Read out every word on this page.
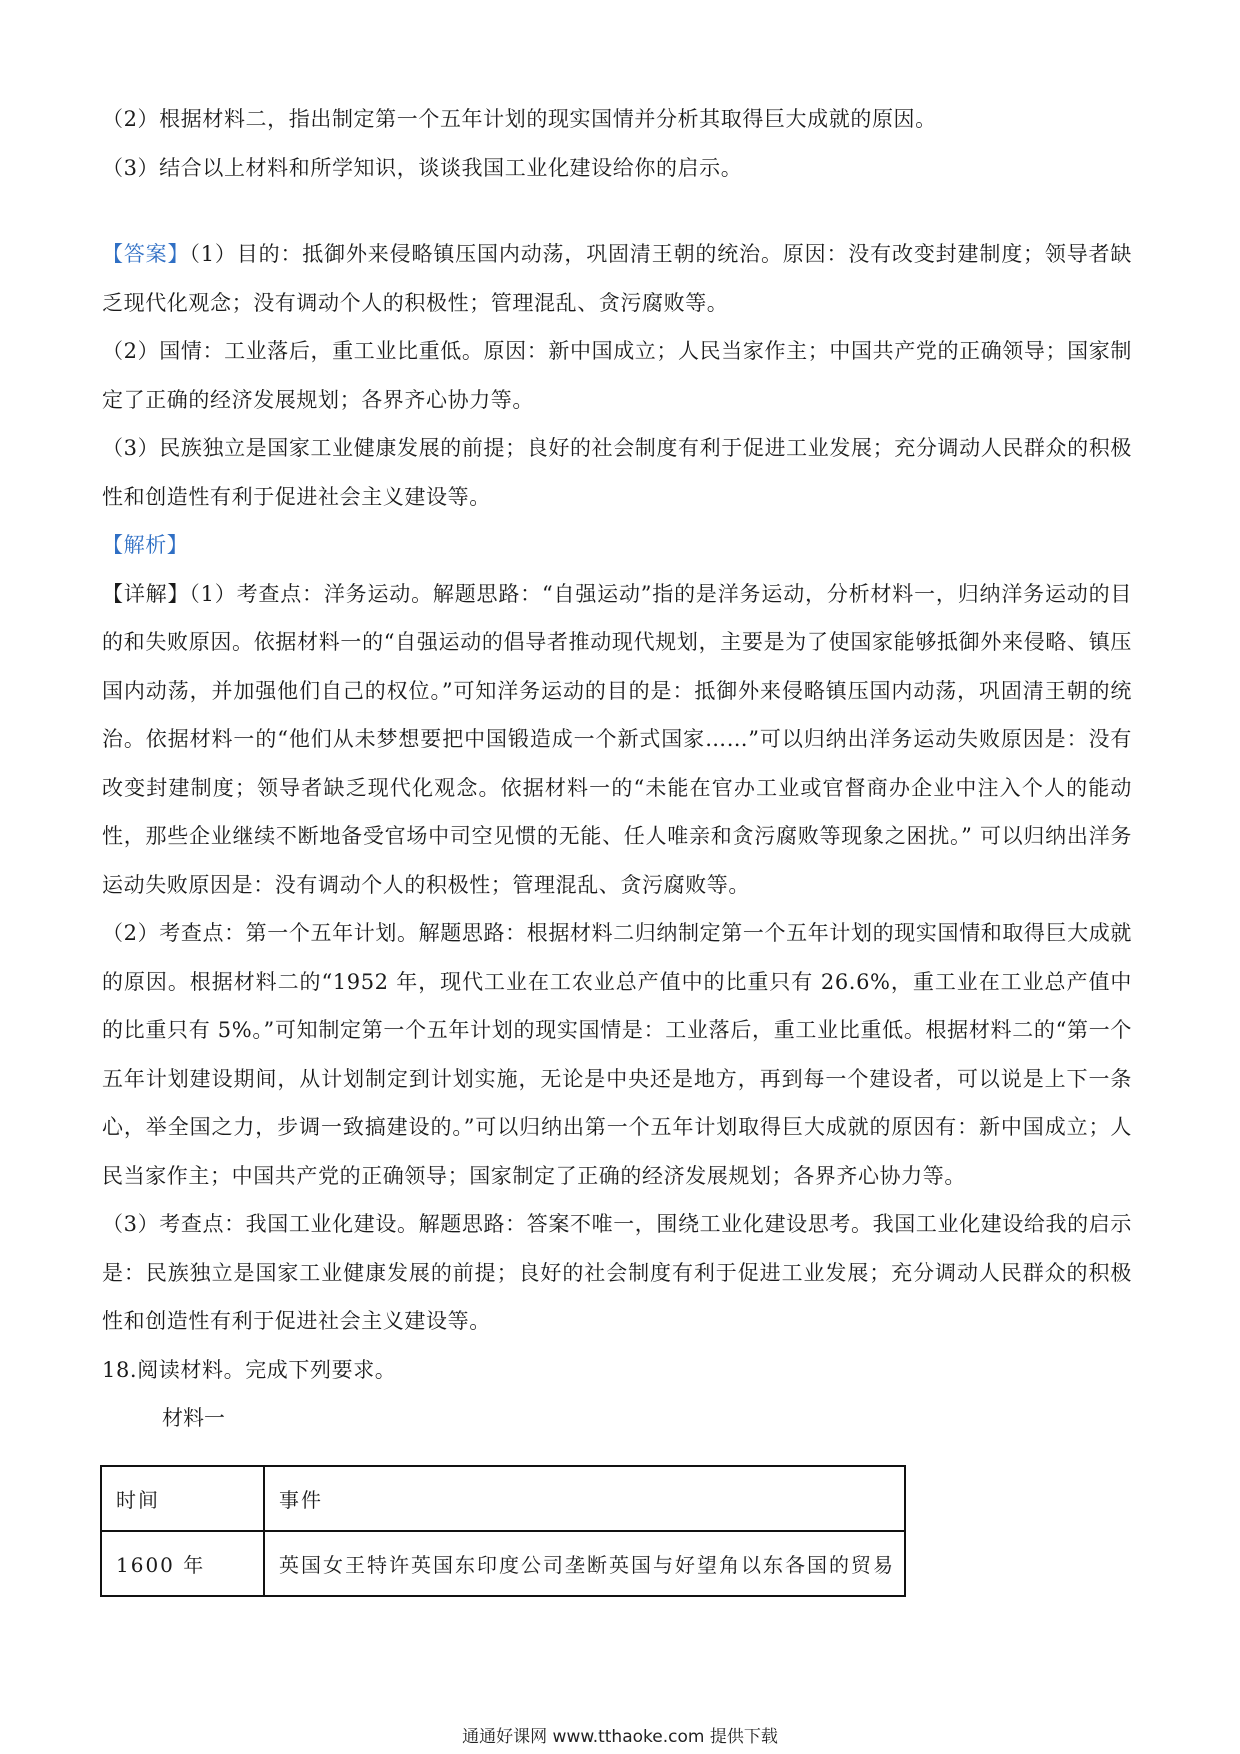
（2）根据材料二，指出制定第一个五年计划的现实国情并分析其取得巨大成就的原因。

（3）结合以上材料和所学知识，谈谈我国工业化建设给你的启示。

【答案】（1）目的：抵御外来侵略镇压国内动荡，巩固清王朝的统治。原因：没有改变封建制度；领导者缺乏现代化观念；没有调动个人的积极性；管理混乱、贪污腐败等。

（2）国情：工业落后，重工业比重低。原因：新中国成立；人民当家作主；中国共产党的正确领导；国家制定了正确的经济发展规划；各界齐心协力等。

（3）民族独立是国家工业健康发展的前提；良好的社会制度有利于促进工业发展；充分调动人民群众的积极性和创造性有利于促进社会主义建设等。

【解析】

【详解】（1）考查点：洋务运动。解题思路：“自强运动”指的是洋务运动，分析材料一，归纳洋务运动的目的和失败原因。依据材料一的“自强运动的倡导者推动现代规划，主要是为了使国家能够抵御外来侵略、镇压国内动荡，并加强他们自己的权位。”可知洋务运动的目的是：抵御外来侵略镇压国内动荡，巩固清王朝的统治。依据材料一的“他们从未梦想要把中国锻造成一个新式国家……”可以归纳出洋务运动失败原因是：没有改变封建制度；领导者缺乏现代化观念。依据材料一的“未能在官办工业或官督商办企业中注入个人的能动性，那些企业继续不断地备受官场中司空见惯的无能、任人唯亲和贪污腐败等现象之困扰。” 可以归纳出洋务运动失败原因是：没有调动个人的积极性；管理混乱、贪污腐败等。

（2）考查点：第一个五年计划。解题思路：根据材料二归纳制定第一个五年计划的现实国情和取得巨大成就的原因。根据材料二的“1952 年，现代工业在工农业总产值中的比重只有 26.6%，重工业在工业总产值中的比重只有 5%。”可知制定第一个五年计划的现实国情是：工业落后，重工业比重低。根据材料二的“第一个五年计划建设期间，从计划制定到计划实施，无论是中央还是地方，再到每一个建设者，可以说是上下一条心，举全国之力，步调一致搞建设的。”可以归纳出第一个五年计划取得巨大成就的原因有：新中国成立；人民当家作主；中国共产党的正确领导；国家制定了正确的经济发展规划；各界齐心协力等。

（3）考查点：我国工业化建设。解题思路：答案不唯一，围绕工业化建设思考。我国工业化建设给我的启示是：民族独立是国家工业健康发展的前提；良好的社会制度有利于促进工业发展；充分调动人民群众的积极性和创造性有利于促进社会主义建设等。

18.阅读材料。完成下列要求。

材料一

时间	事件
1600 年	英国女王特许英国东印度公司垄断英国与好望角以东各国的贸易
通通好课网 www.tthaoke.com 提供下载
